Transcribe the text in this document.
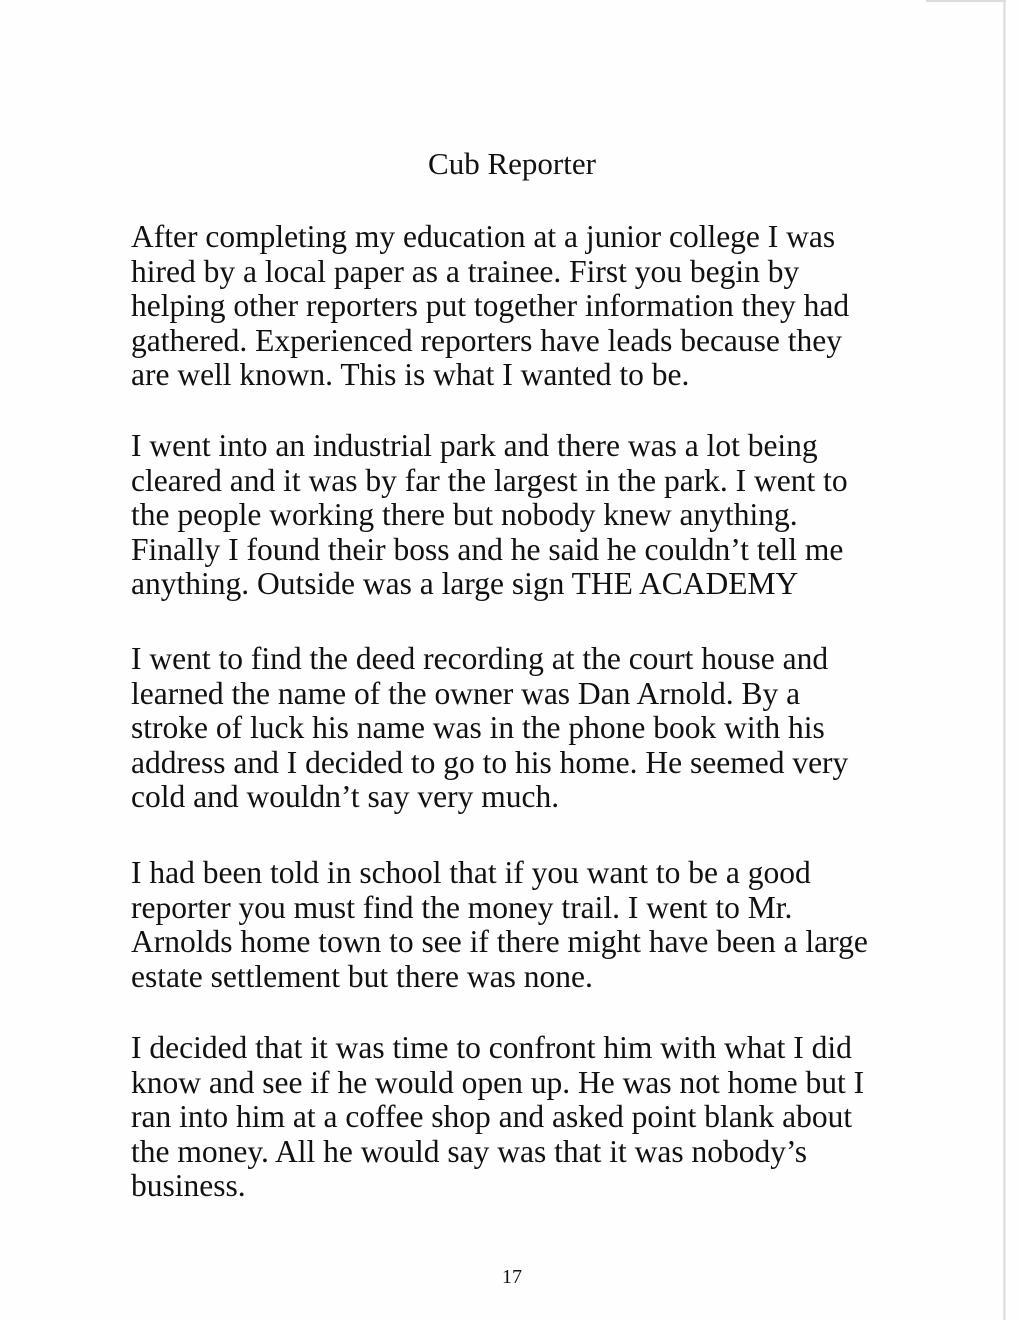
Cub Reporter

After completing my education at a junior college I was
hired by a local paper as a trainee. First you begin by
helping other reporters put together information they had
gathered. Experienced reporters have leads because they
are well known. This is what I wanted to be.

I went into an industrial park and there was a lot being
cleared and it was by far the largest in the park. I went to
the people working there but nobody knew anything.
Finally I found their boss and he said he couldn’t tell me
anything. Outside was a large sign THE ACADEMY

I went to find the deed recording at the court house and
learned the name of the owner was Dan Arnold. By a
stroke of luck his name was in the phone book with his
address and I decided to go to his home. He seemed very
cold and wouldn’t say very much.

I had been told in school that if you want to be a good
reporter you must find the money trail. I went to Mr.
Arnolds home town to see if there might have been a large
estate settlement but there was none.

I decided that it was time to confront him with what I did
know and see if he would open up. He was not home but I
ran into him at a coffee shop and asked point blank about
the money. All he would say was that it was nobody’s
business.

17
